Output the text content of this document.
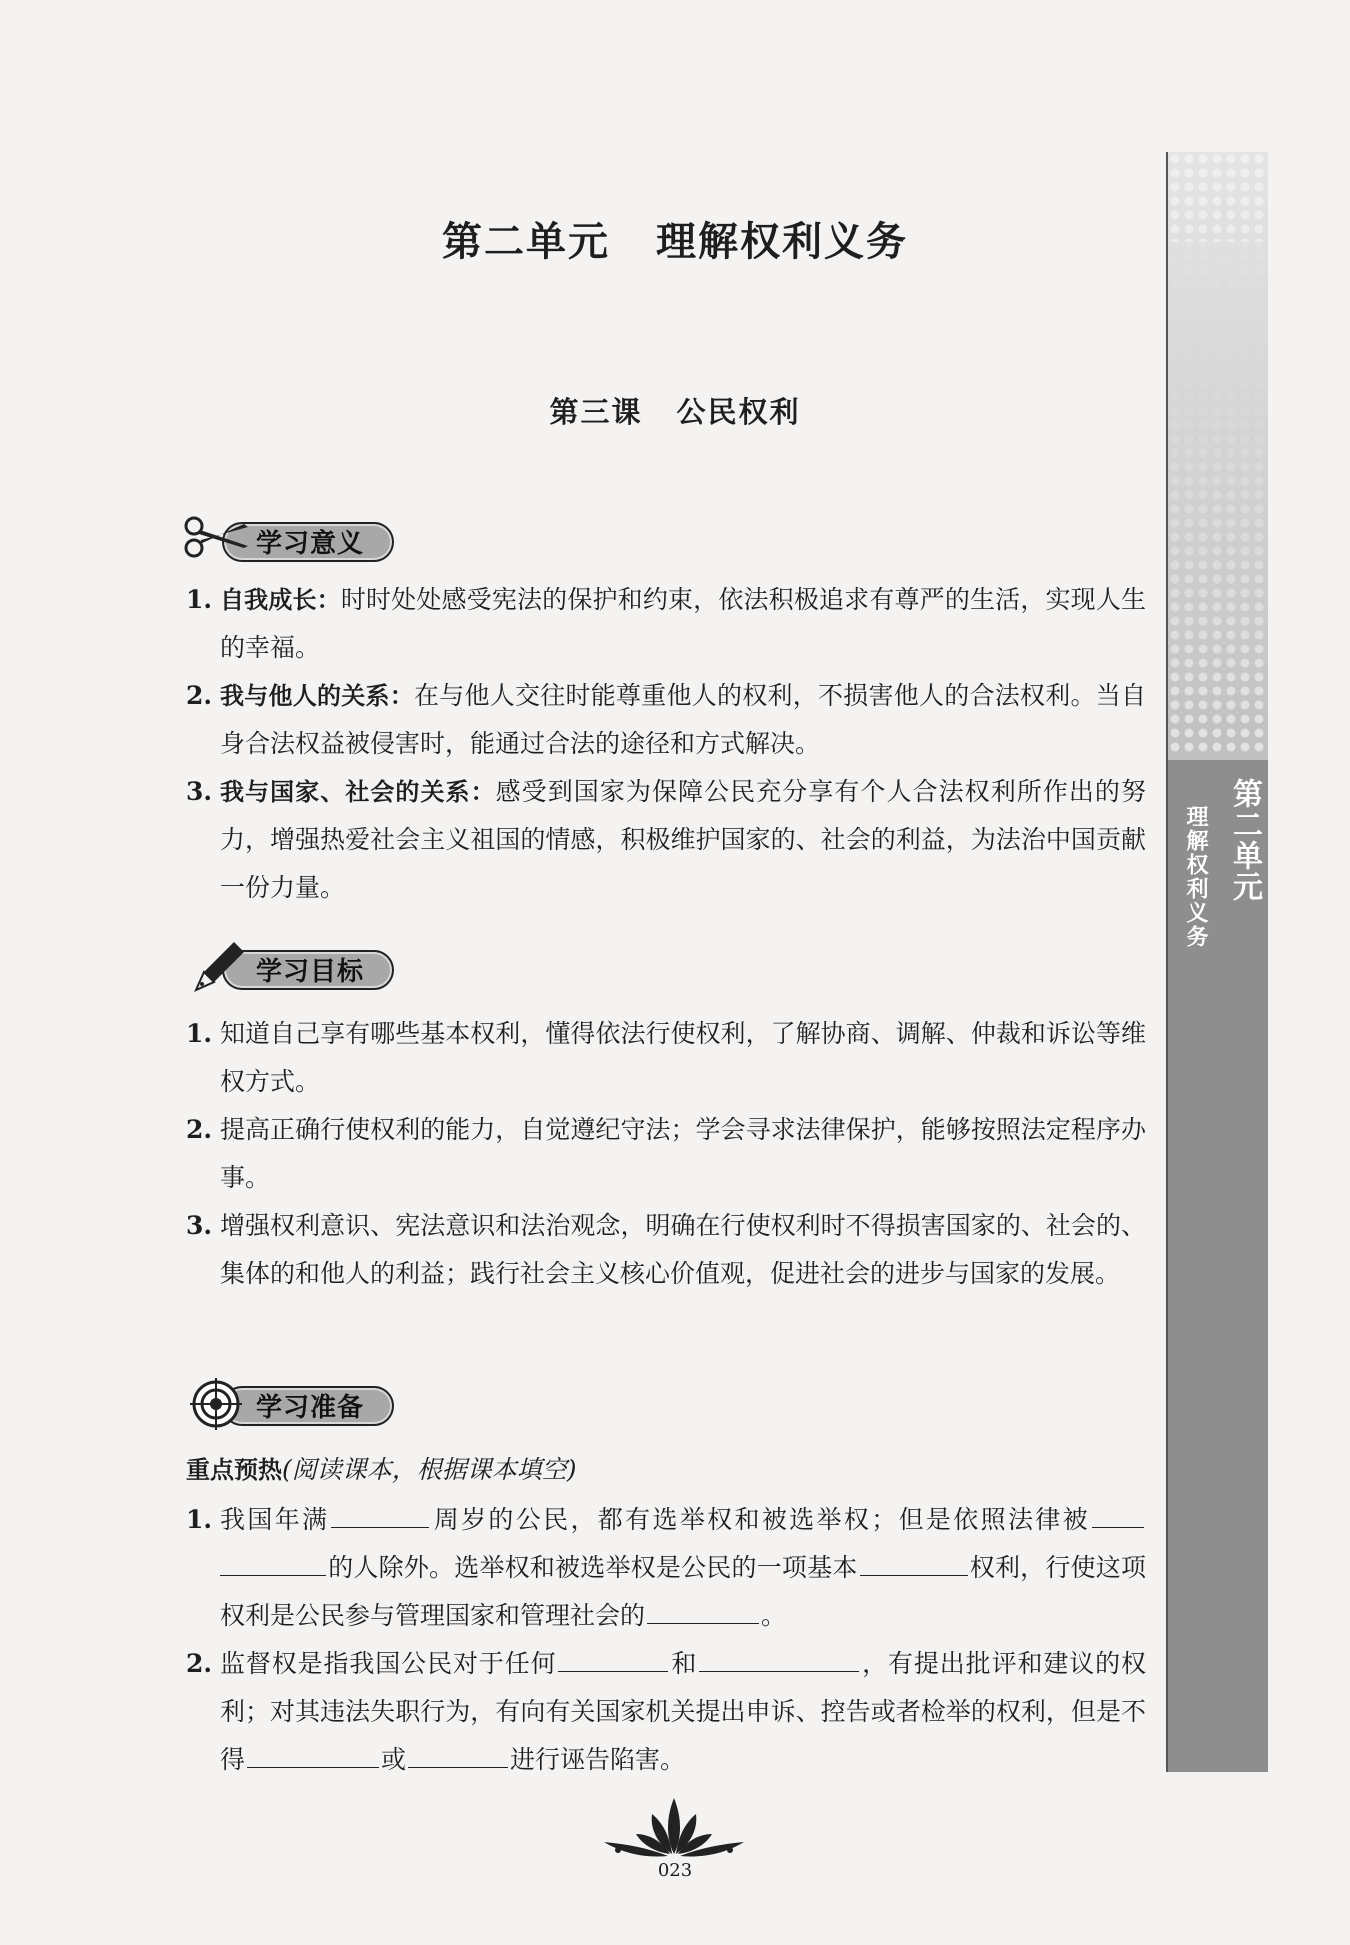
第二单元
理解权利义务
第二单元 理解权利义务
第三课 公民权利
学习意义
1. 自我成长：时时处处感受宪法的保护和约束，依法积极追求有尊严的生活，实现人生的幸福。
2. 我与他人的关系：在与他人交往时能尊重他人的权利，不损害他人的合法权利。当自身合法权益被侵害时，能通过合法的途径和方式解决。
3. 我与国家、社会的关系：感受到国家为保障公民充分享有个人合法权利所作出的努力，增强热爱社会主义祖国的情感，积极维护国家的、社会的利益，为法治中国贡献一份力量。
学习目标
1. 知道自己享有哪些基本权利，懂得依法行使权利，了解协商、调解、仲裁和诉讼等维权方式。
2. 提高正确行使权利的能力，自觉遵纪守法；学会寻求法律保护，能够按照法定程序办事。
3. 增强权利意识、宪法意识和法治观念，明确在行使权利时不得损害国家的、社会的、集体的和他人的利益；践行社会主义核心价值观，促进社会的进步与国家的发展。
学习准备
重点预热(阅读课本，根据课本填空)
1. 我国年满	周岁的公民，都有选举权和被选举权；但是依照法律被的人除外。选举权和被选举权是公民的一项基本	权利，行使这项权利是公民参与管理国家和管理社会的	。
2. 监督权是指我国公民对于任何	和	，有提出批评和建议的权利；对其违法失职行为，有向有关国家机关提出申诉、控告或者检举的权利，但是不得	或	进行诬告陷害。
023
